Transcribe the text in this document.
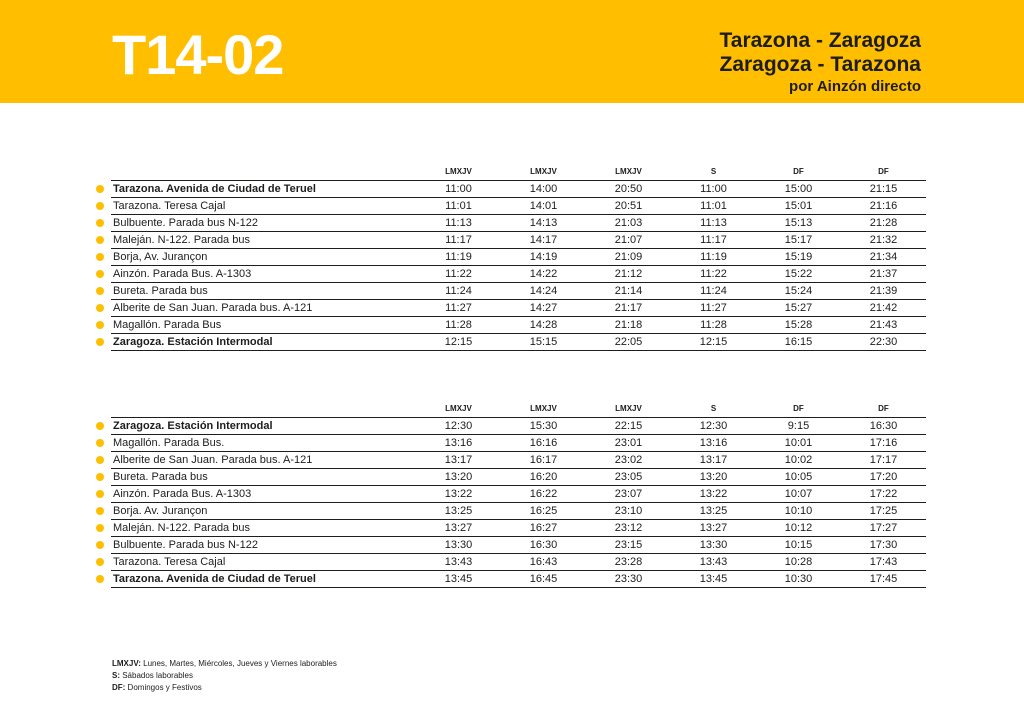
T14-02	Tarazona - Zaragoza
Zaragoza - Tarazona
por Ainzón directo
	LMXJV	LMXJV	LMXJV	S	DF	DF
Tarazona. Avenida de Ciudad de Teruel	11:00	14:00	20:50	11:00	15:00	21:15
Tarazona. Teresa Cajal	11:01	14:01	20:51	11:01	15:01	21:16
Bulbuente. Parada bus N-122	11:13	14:13	21:03	11:13	15:13	21:28
Maleján. N-122. Parada bus	11:17	14:17	21:07	11:17	15:17	21:32
Borja, Av. Jurançon	11:19	14:19	21:09	11:19	15:19	21:34
Ainzón. Parada Bus. A-1303	11:22	14:22	21:12	11:22	15:22	21:37
Bureta. Parada bus	11:24	14:24	21:14	11:24	15:24	21:39
Alberite de San Juan. Parada bus. A-121	11:27	14:27	21:17	11:27	15:27	21:42
Magallón. Parada Bus	11:28	14:28	21:18	11:28	15:28	21:43
Zaragoza. Estación Intermodal	12:15	15:15	22:05	12:15	16:15	22:30
	LMXJV	LMXJV	LMXJV	S	DF	DF
Zaragoza. Estación Intermodal	12:30	15:30	22:15	12:30	9:15	16:30
Magallón. Parada Bus.	13:16	16:16	23:01	13:16	10:01	17:16
Alberite de San Juan. Parada bus. A-121	13:17	16:17	23:02	13:17	10:02	17:17
Bureta. Parada bus	13:20	16:20	23:05	13:20	10:05	17:20
Ainzón. Parada Bus. A-1303	13:22	16:22	23:07	13:22	10:07	17:22
Borja. Av. Jurançon	13:25	16:25	23:10	13:25	10:10	17:25
Maleján. N-122. Parada bus	13:27	16:27	23:12	13:27	10:12	17:27
Bulbuente. Parada bus N-122	13:30	16:30	23:15	13:30	10:15	17:30
Tarazona. Teresa Cajal	13:43	16:43	23:28	13:43	10:28	17:43
Tarazona. Avenida de Ciudad de Teruel	13:45	16:45	23:30	13:45	10:30	17:45
LMXJV: Lunes, Martes, Miércoles, Jueves y Viernes laborables
S: Sábados laborables
DF: Domingos y Festivos
